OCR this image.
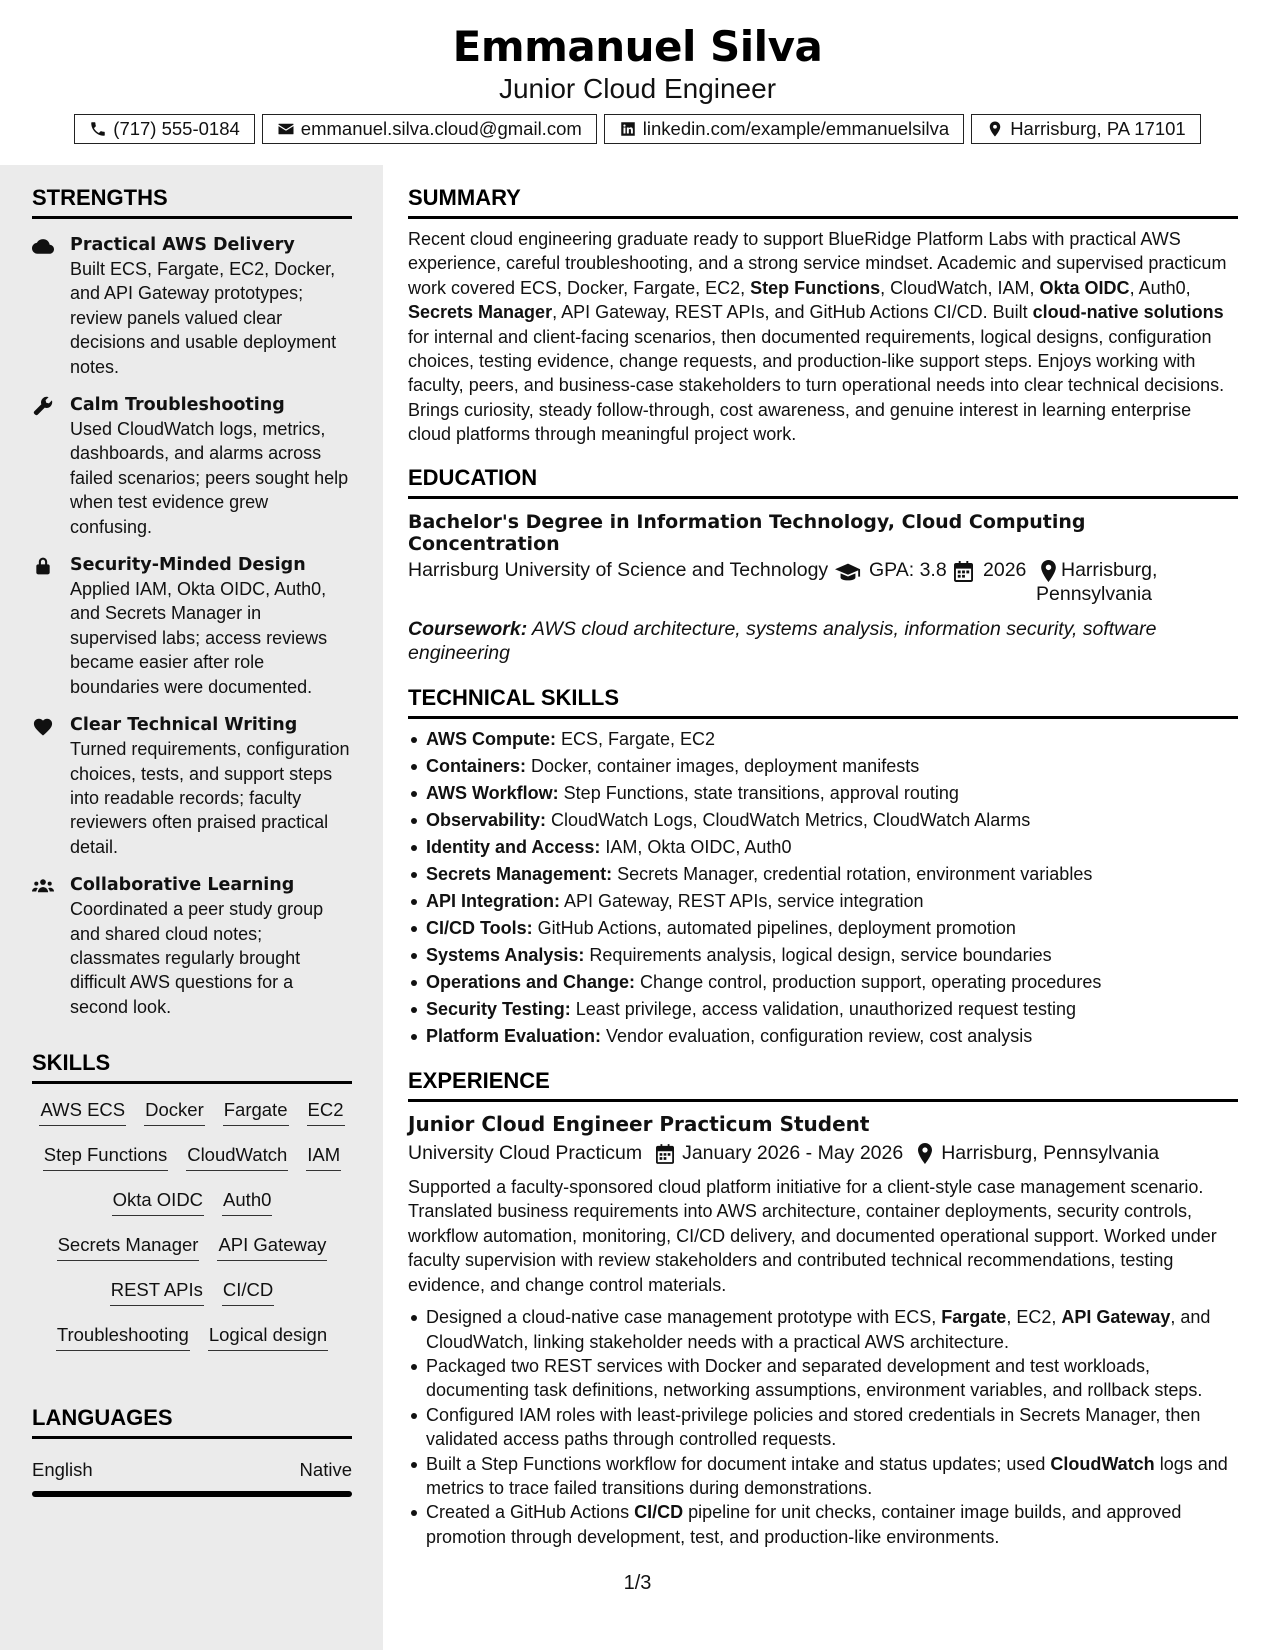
Emmanuel Silva
Junior Cloud Engineer
(717) 555-0184	emmanuel.silva.cloud@gmail.com	linkedin.com/example/emmanuelsilva	Harrisburg, PA 17101
STRENGTHS
Practical AWS Delivery
Built ECS, Fargate, EC2, Docker, and API Gateway prototypes; review panels valued clear decisions and usable deployment notes.
Calm Troubleshooting
Used CloudWatch logs, metrics, dashboards, and alarms across failed scenarios; peers sought help when test evidence grew confusing.
Security-Minded Design
Applied IAM, Okta OIDC, Auth0, and Secrets Manager in supervised labs; access reviews became easier after role boundaries were documented.
Clear Technical Writing
Turned requirements, configuration choices, tests, and support steps into readable records; faculty reviewers often praised practical detail.
Collaborative Learning
Coordinated a peer study group and shared cloud notes; classmates regularly brought difficult AWS questions for a second look.
SKILLS
AWS ECS Docker Fargate EC2
Step Functions CloudWatch IAM
Okta OIDC Auth0
Secrets Manager API Gateway
REST APIs CI/CD
Troubleshooting Logical design
LANGUAGES
English	Native
SUMMARY
Recent cloud engineering graduate ready to support BlueRidge Platform Labs with practical AWS experience, careful troubleshooting, and a strong service mindset. Academic and supervised practicum work covered ECS, Docker, Fargate, EC2, Step Functions, CloudWatch, IAM, Okta OIDC, Auth0, Secrets Manager, API Gateway, REST APIs, and GitHub Actions CI/CD. Built cloud-native solutions for internal and client-facing scenarios, then documented requirements, logical designs, configuration choices, testing evidence, change requests, and production-like support steps. Enjoys working with faculty, peers, and business-case stakeholders to turn operational needs into clear technical decisions. Brings curiosity, steady follow-through, cost awareness, and genuine interest in learning enterprise cloud platforms through meaningful project work.
EDUCATION
Bachelor's Degree in Information Technology, Cloud Computing Concentration
Harrisburg University of Science and Technology GPA: 3.8 2026 Harrisburg,
Pennsylvania
Coursework: AWS cloud architecture, systems analysis, information security, software engineering
TECHNICAL SKILLS
AWS Compute: ECS, Fargate, EC2
Containers: Docker, container images, deployment manifests
AWS Workflow: Step Functions, state transitions, approval routing
Observability: CloudWatch Logs, CloudWatch Metrics, CloudWatch Alarms
Identity and Access: IAM, Okta OIDC, Auth0
Secrets Management: Secrets Manager, credential rotation, environment variables
API Integration: API Gateway, REST APIs, service integration
CI/CD Tools: GitHub Actions, automated pipelines, deployment promotion
Systems Analysis: Requirements analysis, logical design, service boundaries
Operations and Change: Change control, production support, operating procedures
Security Testing: Least privilege, access validation, unauthorized request testing
Platform Evaluation: Vendor evaluation, configuration review, cost analysis
EXPERIENCE
Junior Cloud Engineer Practicum Student
University Cloud Practicum January 2026 - May 2026 Harrisburg, Pennsylvania
Supported a faculty-sponsored cloud platform initiative for a client-style case management scenario. Translated business requirements into AWS architecture, container deployments, security controls, workflow automation, monitoring, CI/CD delivery, and documented operational support. Worked under faculty supervision with review stakeholders and contributed technical recommendations, testing evidence, and change control materials.
Designed a cloud-native case management prototype with ECS, Fargate, EC2, API Gateway, and CloudWatch, linking stakeholder needs with a practical AWS architecture.
Packaged two REST services with Docker and separated development and test workloads, documenting task definitions, networking assumptions, environment variables, and rollback steps.
Configured IAM roles with least-privilege policies and stored credentials in Secrets Manager, then validated access paths through controlled requests.
Built a Step Functions workflow for document intake and status updates; used CloudWatch logs and metrics to trace failed transitions during demonstrations.
Created a GitHub Actions CI/CD pipeline for unit checks, container image builds, and approved promotion through development, test, and production-like environments.
1/3
